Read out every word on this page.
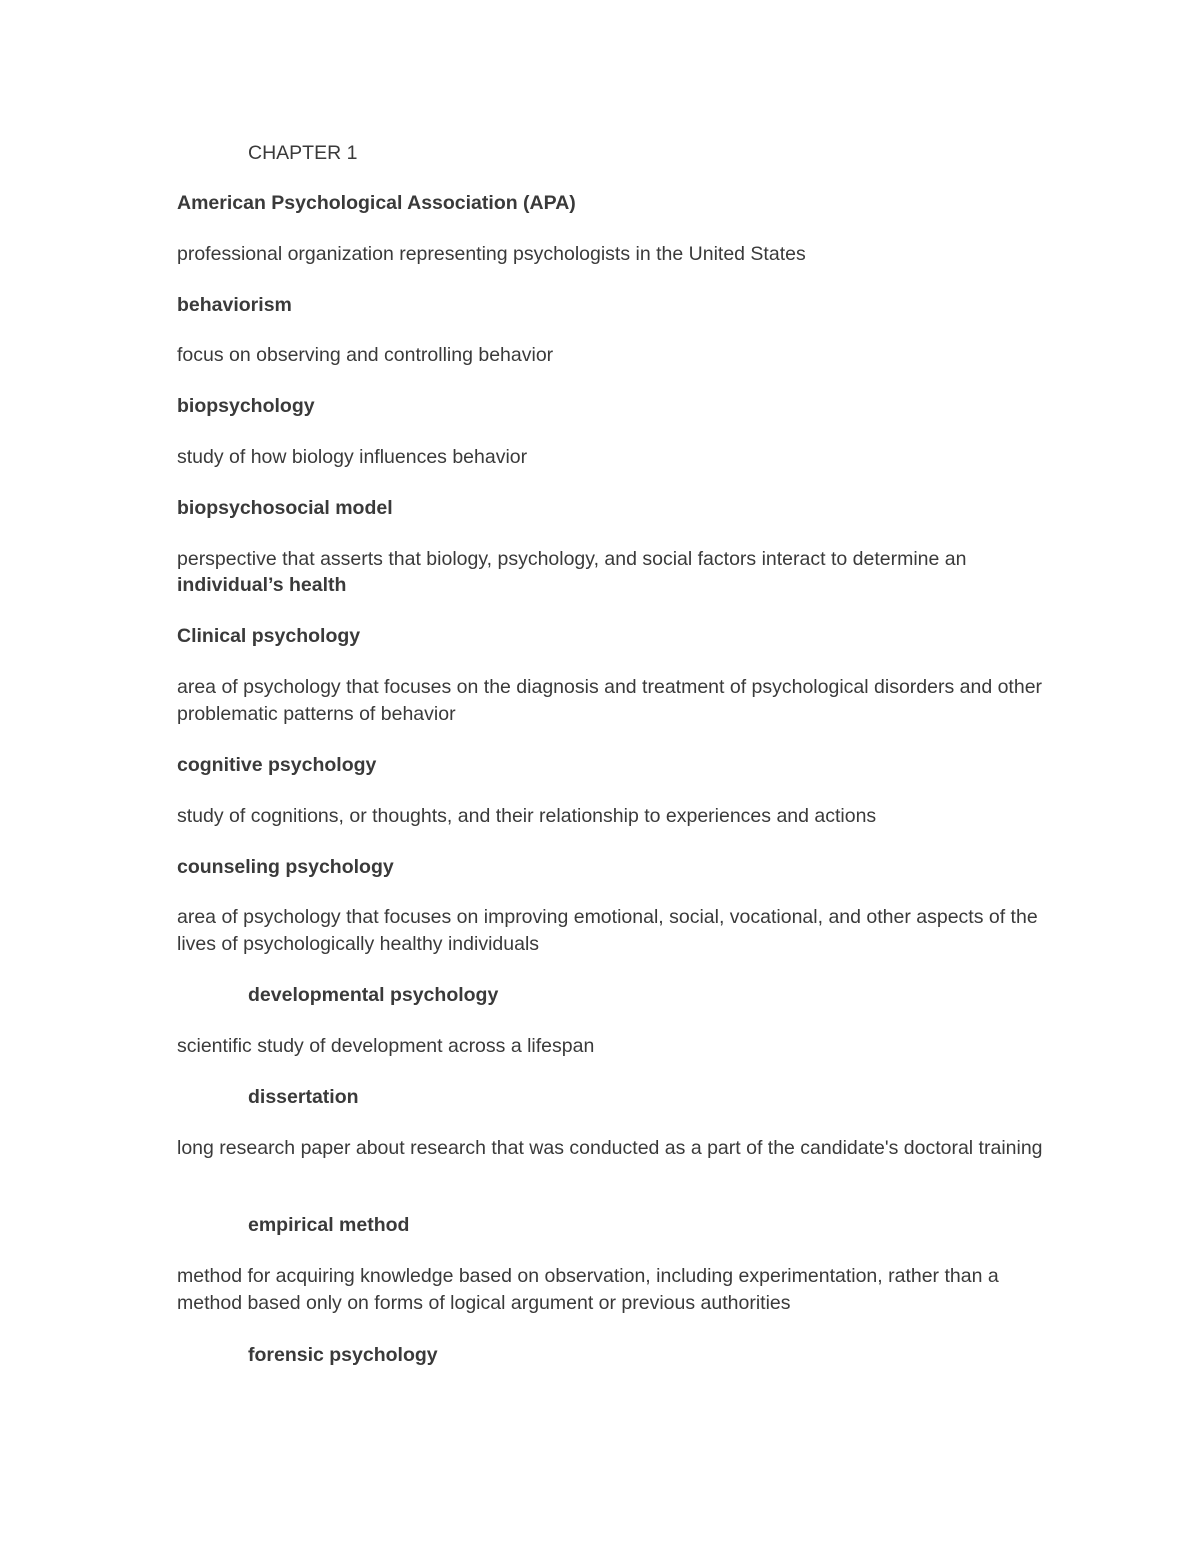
CHAPTER 1
American Psychological Association (APA)
professional organization representing psychologists in the United States
behaviorism
focus on observing and controlling behavior
biopsychology
study of how biology influences behavior
biopsychosocial model
perspective that asserts that biology, psychology, and social factors interact to determine an
individual’s health
Clinical psychology
area of psychology that focuses on the diagnosis and treatment of psychological disorders and other problematic patterns of behavior
cognitive psychology
study of cognitions, or thoughts, and their relationship to experiences and actions
counseling psychology
area of psychology that focuses on improving emotional, social, vocational, and other aspects of the lives of psychologically healthy individuals
developmental psychology
scientific study of development across a lifespan
dissertation
long research paper about research that was conducted as a part of the candidate's doctoral training
empirical method
method for acquiring knowledge based on observation, including experimentation, rather than a method based only on forms of logical argument or previous authorities
forensic psychology
